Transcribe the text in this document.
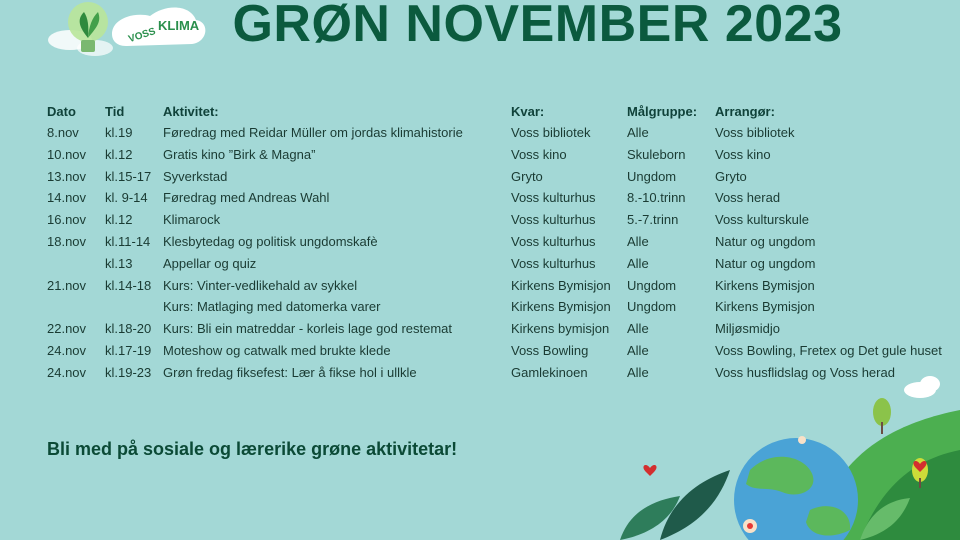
VOSS
KLIMA GRØN NOVEMBER 2023
Dato Tid	Aktivitet:	Kvar:	Målgruppe: Arrangør:
8.nov kl.19 Føredrag med Reidar Müller om jordas klimahistorie	Voss bibliotek	Alle	Voss bibliotek
10.nov kl.12 Gratis kino ”Birk & Magna”	Voss kino	Skuleborn Voss kino
13.nov kl.15-17 Syverkstad	Gryto	Ungdom	Gryto
14.nov kl. 9-14 Føredrag med Andreas Wahl	Voss kulturhus 8.-10.trinn Voss herad
16.nov kl.12 Klimarock	Voss kulturhus 5.-7.trinn	Voss kulturskule
18.nov kl.11-14 Klesbytedag og politisk ungdomskafè	Voss kulturhus Alle	Natur og ungdom
kl.13 Appellar og quiz	Voss kulturhus Alle	Natur og ungdom
21.nov kl.14-18 Kurs: Vinter-vedlikehald av sykkel	Kirkens Bymisjon Ungdom	Kirkens Bymisjon
Kurs: Matlaging med datomerka varer	Kirkens Bymisjon Ungdom	Kirkens Bymisjon
22.nov kl.18-20 Kurs: Bli ein matreddar - korleis lage god restemat	Kirkens bymisjon Alle	Miljøsmidjo
24.nov kl.17-19 Moteshow og catwalk med brukte klede	Voss Bowling	Alle	Voss Bowling, Fretex og Det gule huset
24.nov kl.19-23 Grøn fredag fiksefest: Lær å fikse hol i ullkle	Gamlekinoen	Alle	Voss husflidslag og Voss herad

Bli med på sosiale og lærerike grøne aktivitetar!
